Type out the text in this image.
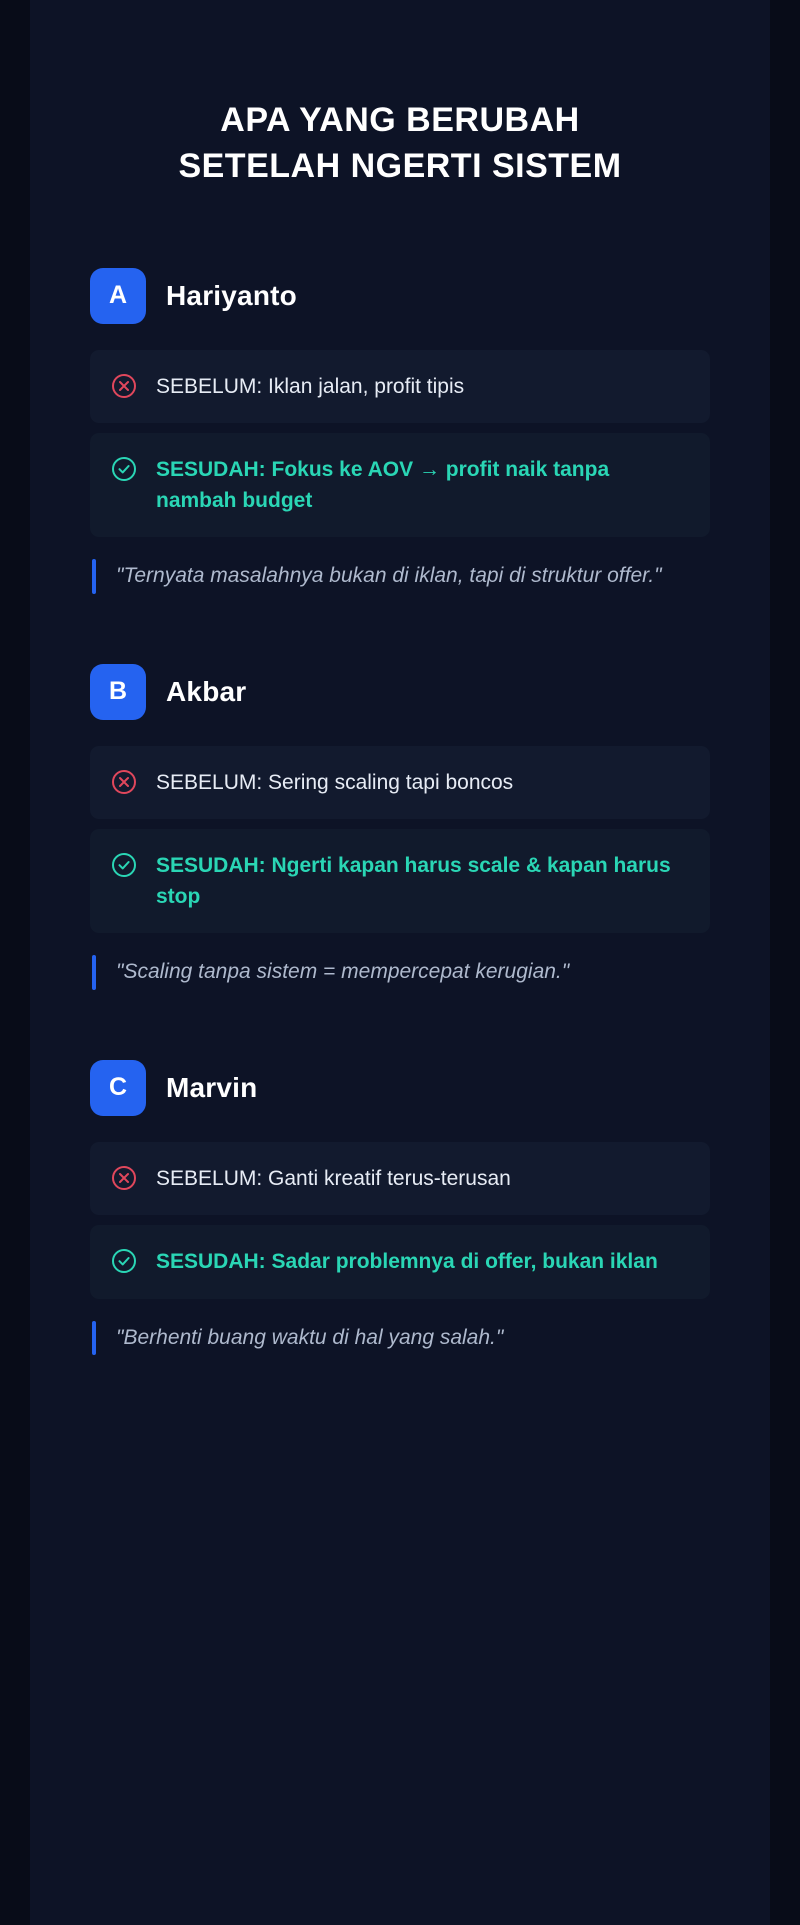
APA YANG BERUBAH
SETELAH NGERTI SISTEM
A	Hariyanto
SEBELUM: Iklan jalan, profit tipis
SESUDAH: Fokus ke AOV → profit naik tanpa nambah budget
"Ternyata masalahnya bukan di iklan, tapi di struktur offer."
B	Akbar
SEBELUM: Sering scaling tapi boncos
SESUDAH: Ngerti kapan harus scale & kapan harus stop
"Scaling tanpa sistem = mempercepat kerugian."
C	Marvin
SEBELUM: Ganti kreatif terus-terusan
SESUDAH: Sadar problemnya di offer, bukan iklan
"Berhenti buang waktu di hal yang salah."
